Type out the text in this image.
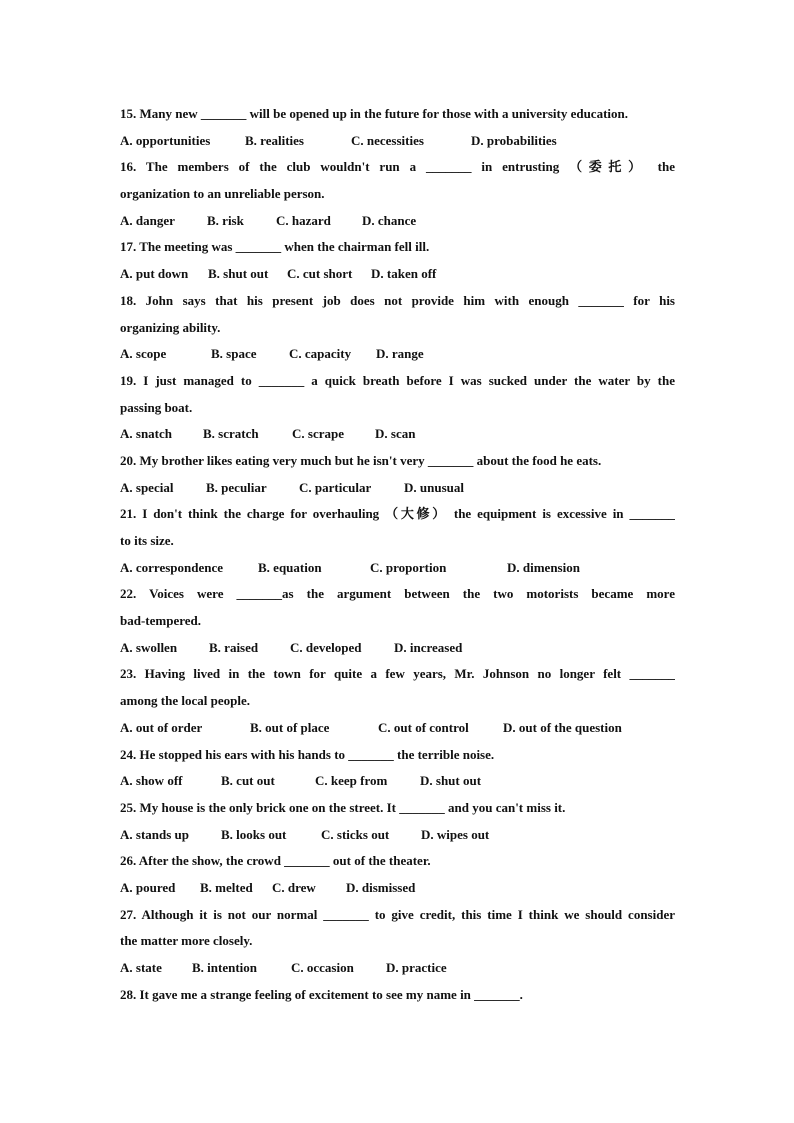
15. Many new _______ will be opened up in the future for those with a university education.
A. opportunities	B. realities	C. necessities	D. probabilities
16. The members of the club wouldn't run a _______ in entrusting （委托） the
organization to an unreliable person.
A. danger	B. risk	C. hazard	D. chance
17. The meeting was _______ when the chairman fell ill.
A. put down	B. shut out	C. cut short	D. taken off
18. John says that his present job does not provide him with enough _______ for his
organizing ability.
A. scope	B. space	C. capacity	D. range
19. I just managed to _______ a quick breath before I was sucked under the water by the
passing boat.
A. snatch	B. scratch	C. scrape	D. scan
20. My brother likes eating very much but he isn't very _______ about the food he eats.
A. special	B. peculiar	C. particular	D. unusual
21. I don't think the charge for overhauling （大修） the equipment is excessive in _______
to its size.
A. correspondence	B. equation	C. proportion	D. dimension
22. Voices were _______as the argument between the two motorists became more
bad-tempered.
A. swollen	B. raised	C. developed	D. increased
23. Having lived in the town for quite a few years, Mr. Johnson no longer felt _______
among the local people.
A. out of order	B. out of place	C. out of control	D. out of the question
24. He stopped his ears with his hands to _______ the terrible noise.
A. show off	B. cut out	C. keep from	D. shut out
25. My house is the only brick one on the street. It _______ and you can't miss it.
A. stands up	B. looks out	C. sticks out	D. wipes out
26. After the show, the crowd _______ out of the theater.
A. poured	B. melted	C. drew	D. dismissed
27. Although it is not our normal _______ to give credit, this time I think we should consider
the matter more closely.
A. state	B. intention	C. occasion	D. practice
28. It gave me a strange feeling of excitement to see my name in _______.
